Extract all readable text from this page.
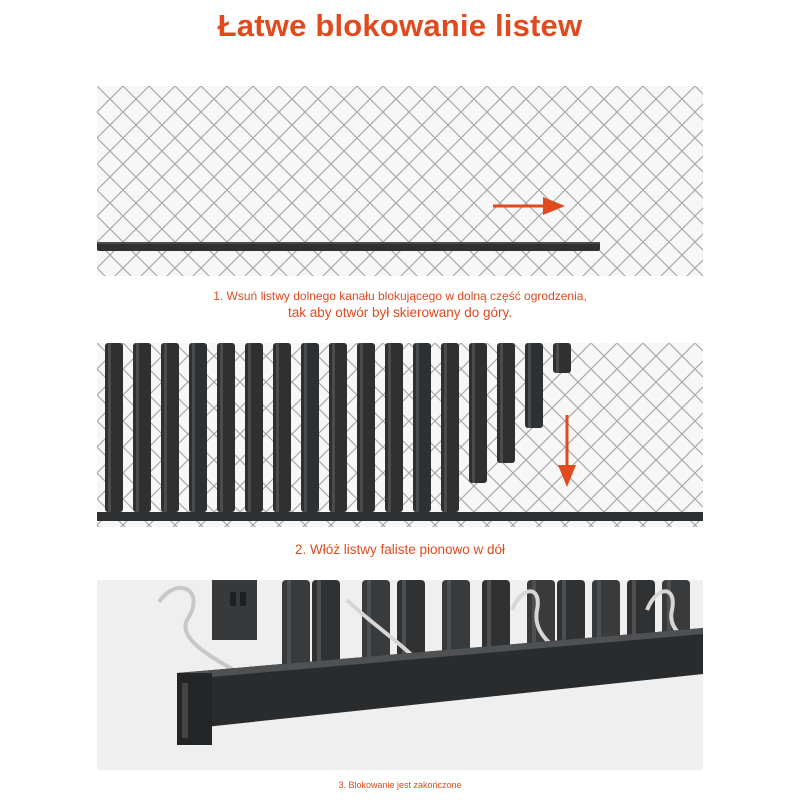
Łatwe blokowanie listew
1. Wsuń listwy dolnego kanału blokującego w dolną część ogrodzenia,
tak aby otwór był skierowany do góry.
2. Włóż listwy faliste pionowo w dół
3. Blokowanie jest zakończone
